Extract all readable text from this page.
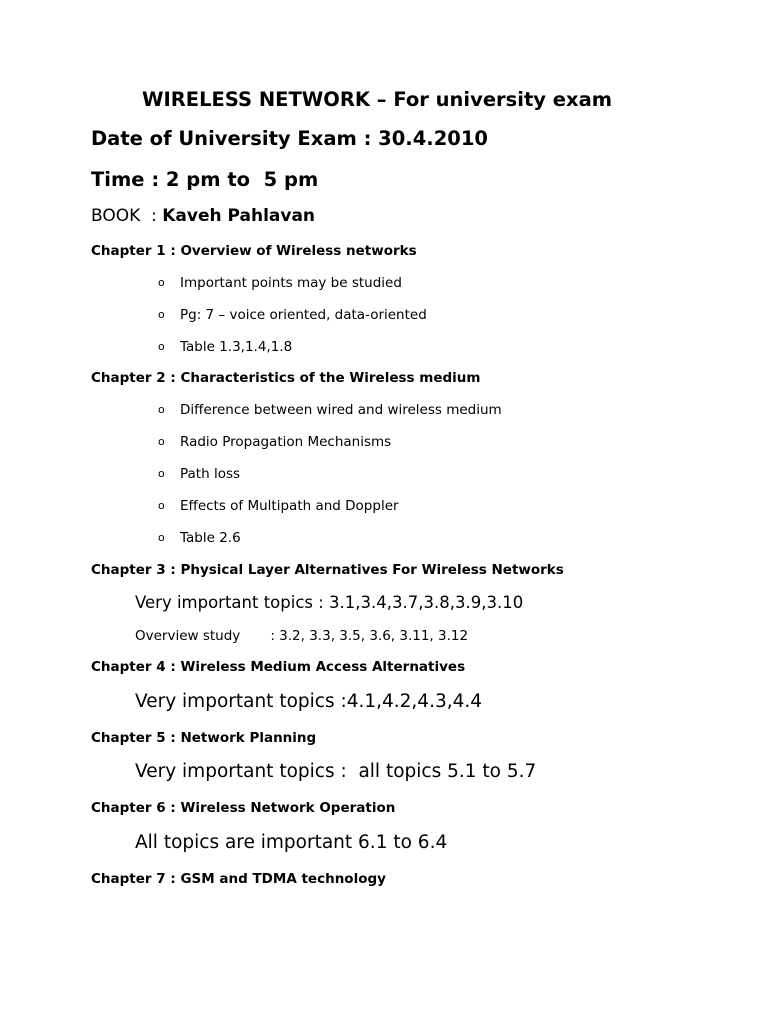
WIRELESS NETWORK – For university exam
Date of University Exam : 30.4.2010
Time : 2 pm to  5 pm
BOOK  : Kaveh Pahlavan
Chapter 1 : Overview of Wireless networks
o Important points may be studied
o Pg: 7 – voice oriented, data-oriented
o Table 1.3,1.4,1.8
Chapter 2 : Characteristics of the Wireless medium
o Difference between wired and wireless medium
o Radio Propagation Mechanisms
o Path loss
o Effects of Multipath and Doppler
o Table 2.6
Chapter 3 : Physical Layer Alternatives For Wireless Networks
Very important topics : 3.1,3.4,3.7,3.8,3.9,3.10
Overview study       : 3.2, 3.3, 3.5, 3.6, 3.11, 3.12
Chapter 4 : Wireless Medium Access Alternatives
Very important topics :4.1,4.2,4.3,4.4
Chapter 5 : Network Planning
Very important topics :  all topics 5.1 to 5.7
Chapter 6 : Wireless Network Operation
All topics are important 6.1 to 6.4
Chapter 7 : GSM and TDMA technology
